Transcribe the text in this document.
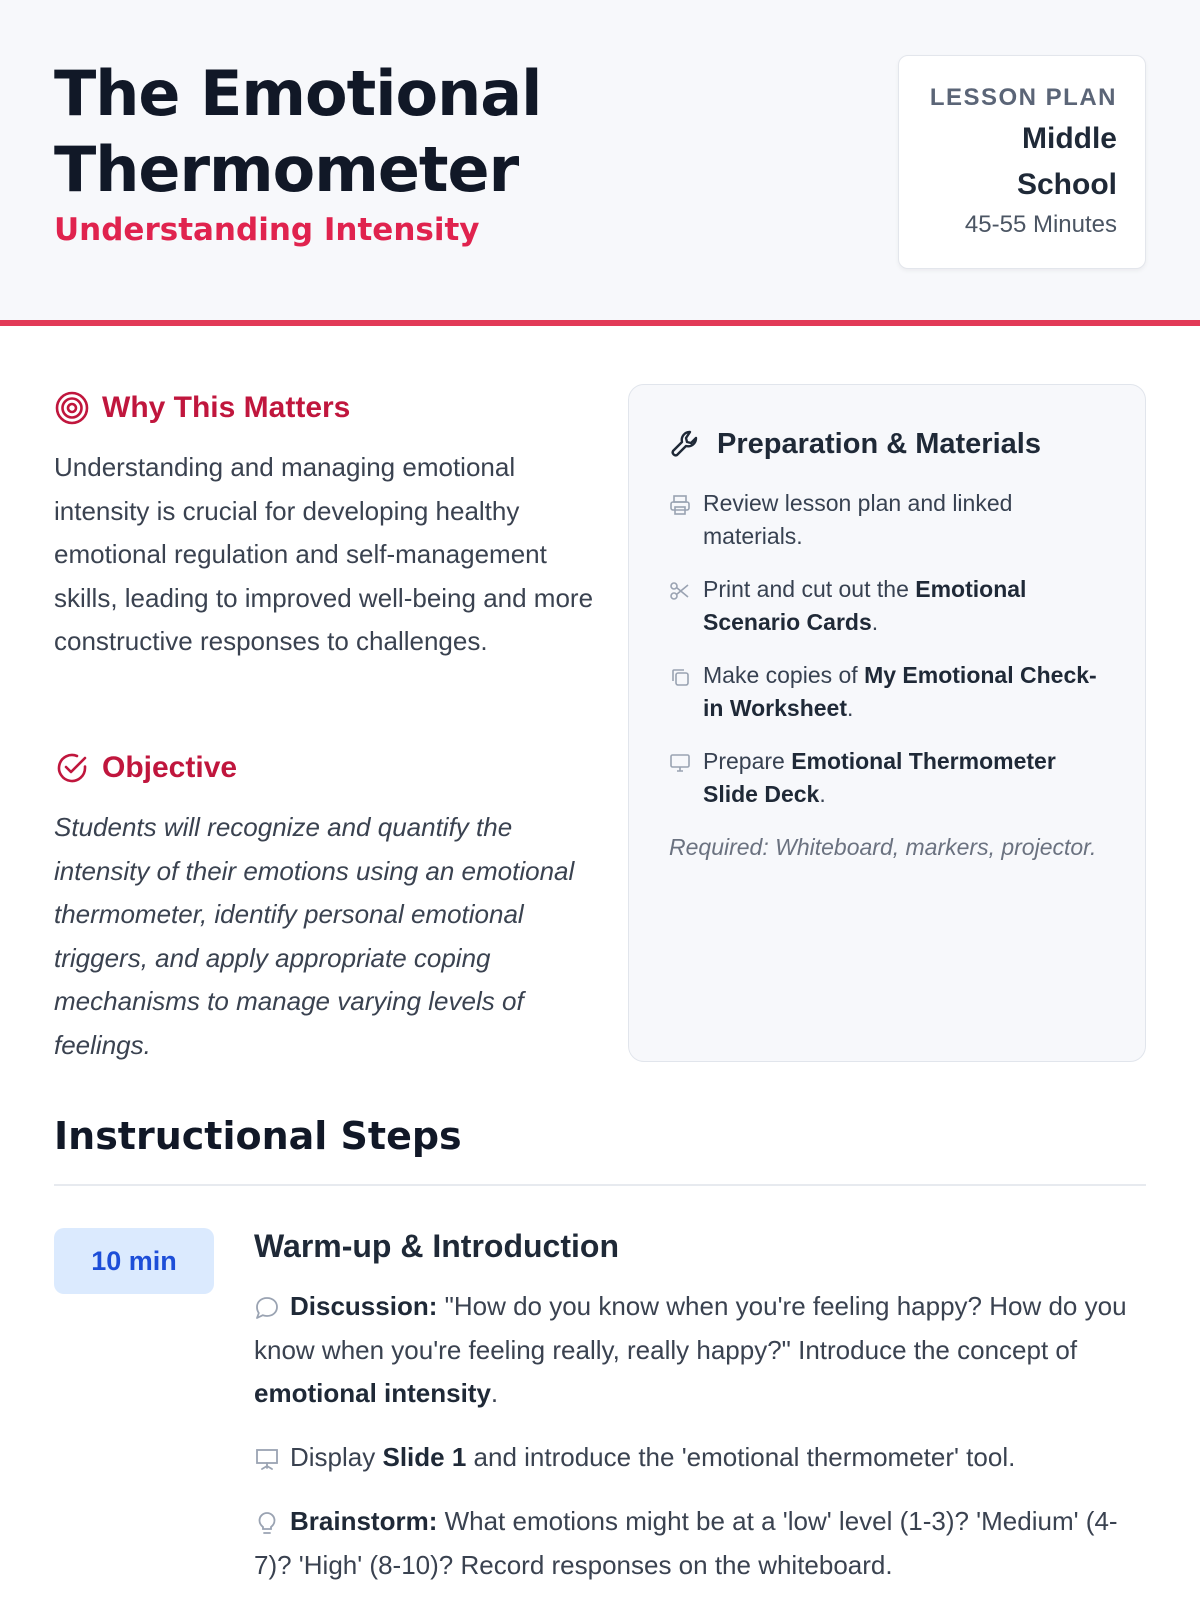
The Emotional Thermometer
Understanding Intensity
LESSON PLAN
Middle School
45-55 Minutes
Why This Matters

Understanding and managing emotional intensity is crucial for developing healthy emotional regulation and self-management skills, leading to improved well-being and more constructive responses to challenges.

Objective

Students will recognize and quantify the intensity of their emotions using an emotional thermometer, identify personal emotional triggers, and apply appropriate coping mechanisms to manage varying levels of feelings.

Preparation & Materials
Review lesson plan and linked materials.
Print and cut out the Emotional Scenario Cards.
Make copies of My Emotional Check-in Worksheet.
Prepare Emotional Thermometer Slide Deck.

Required: Whiteboard, markers, projector.

Instructional Steps
10 min	Warm-up & Introduction

Discussion: "How do you know when you're feeling happy? How do you know when you're feeling really, really happy?" Introduce the concept of emotional intensity.

Display Slide 1 and introduce the 'emotional thermometer' tool.

Brainstorm: What emotions might be at a 'low' level (1-3)? 'Medium' (4-7)? 'High' (8-10)? Record responses on the whiteboard.
